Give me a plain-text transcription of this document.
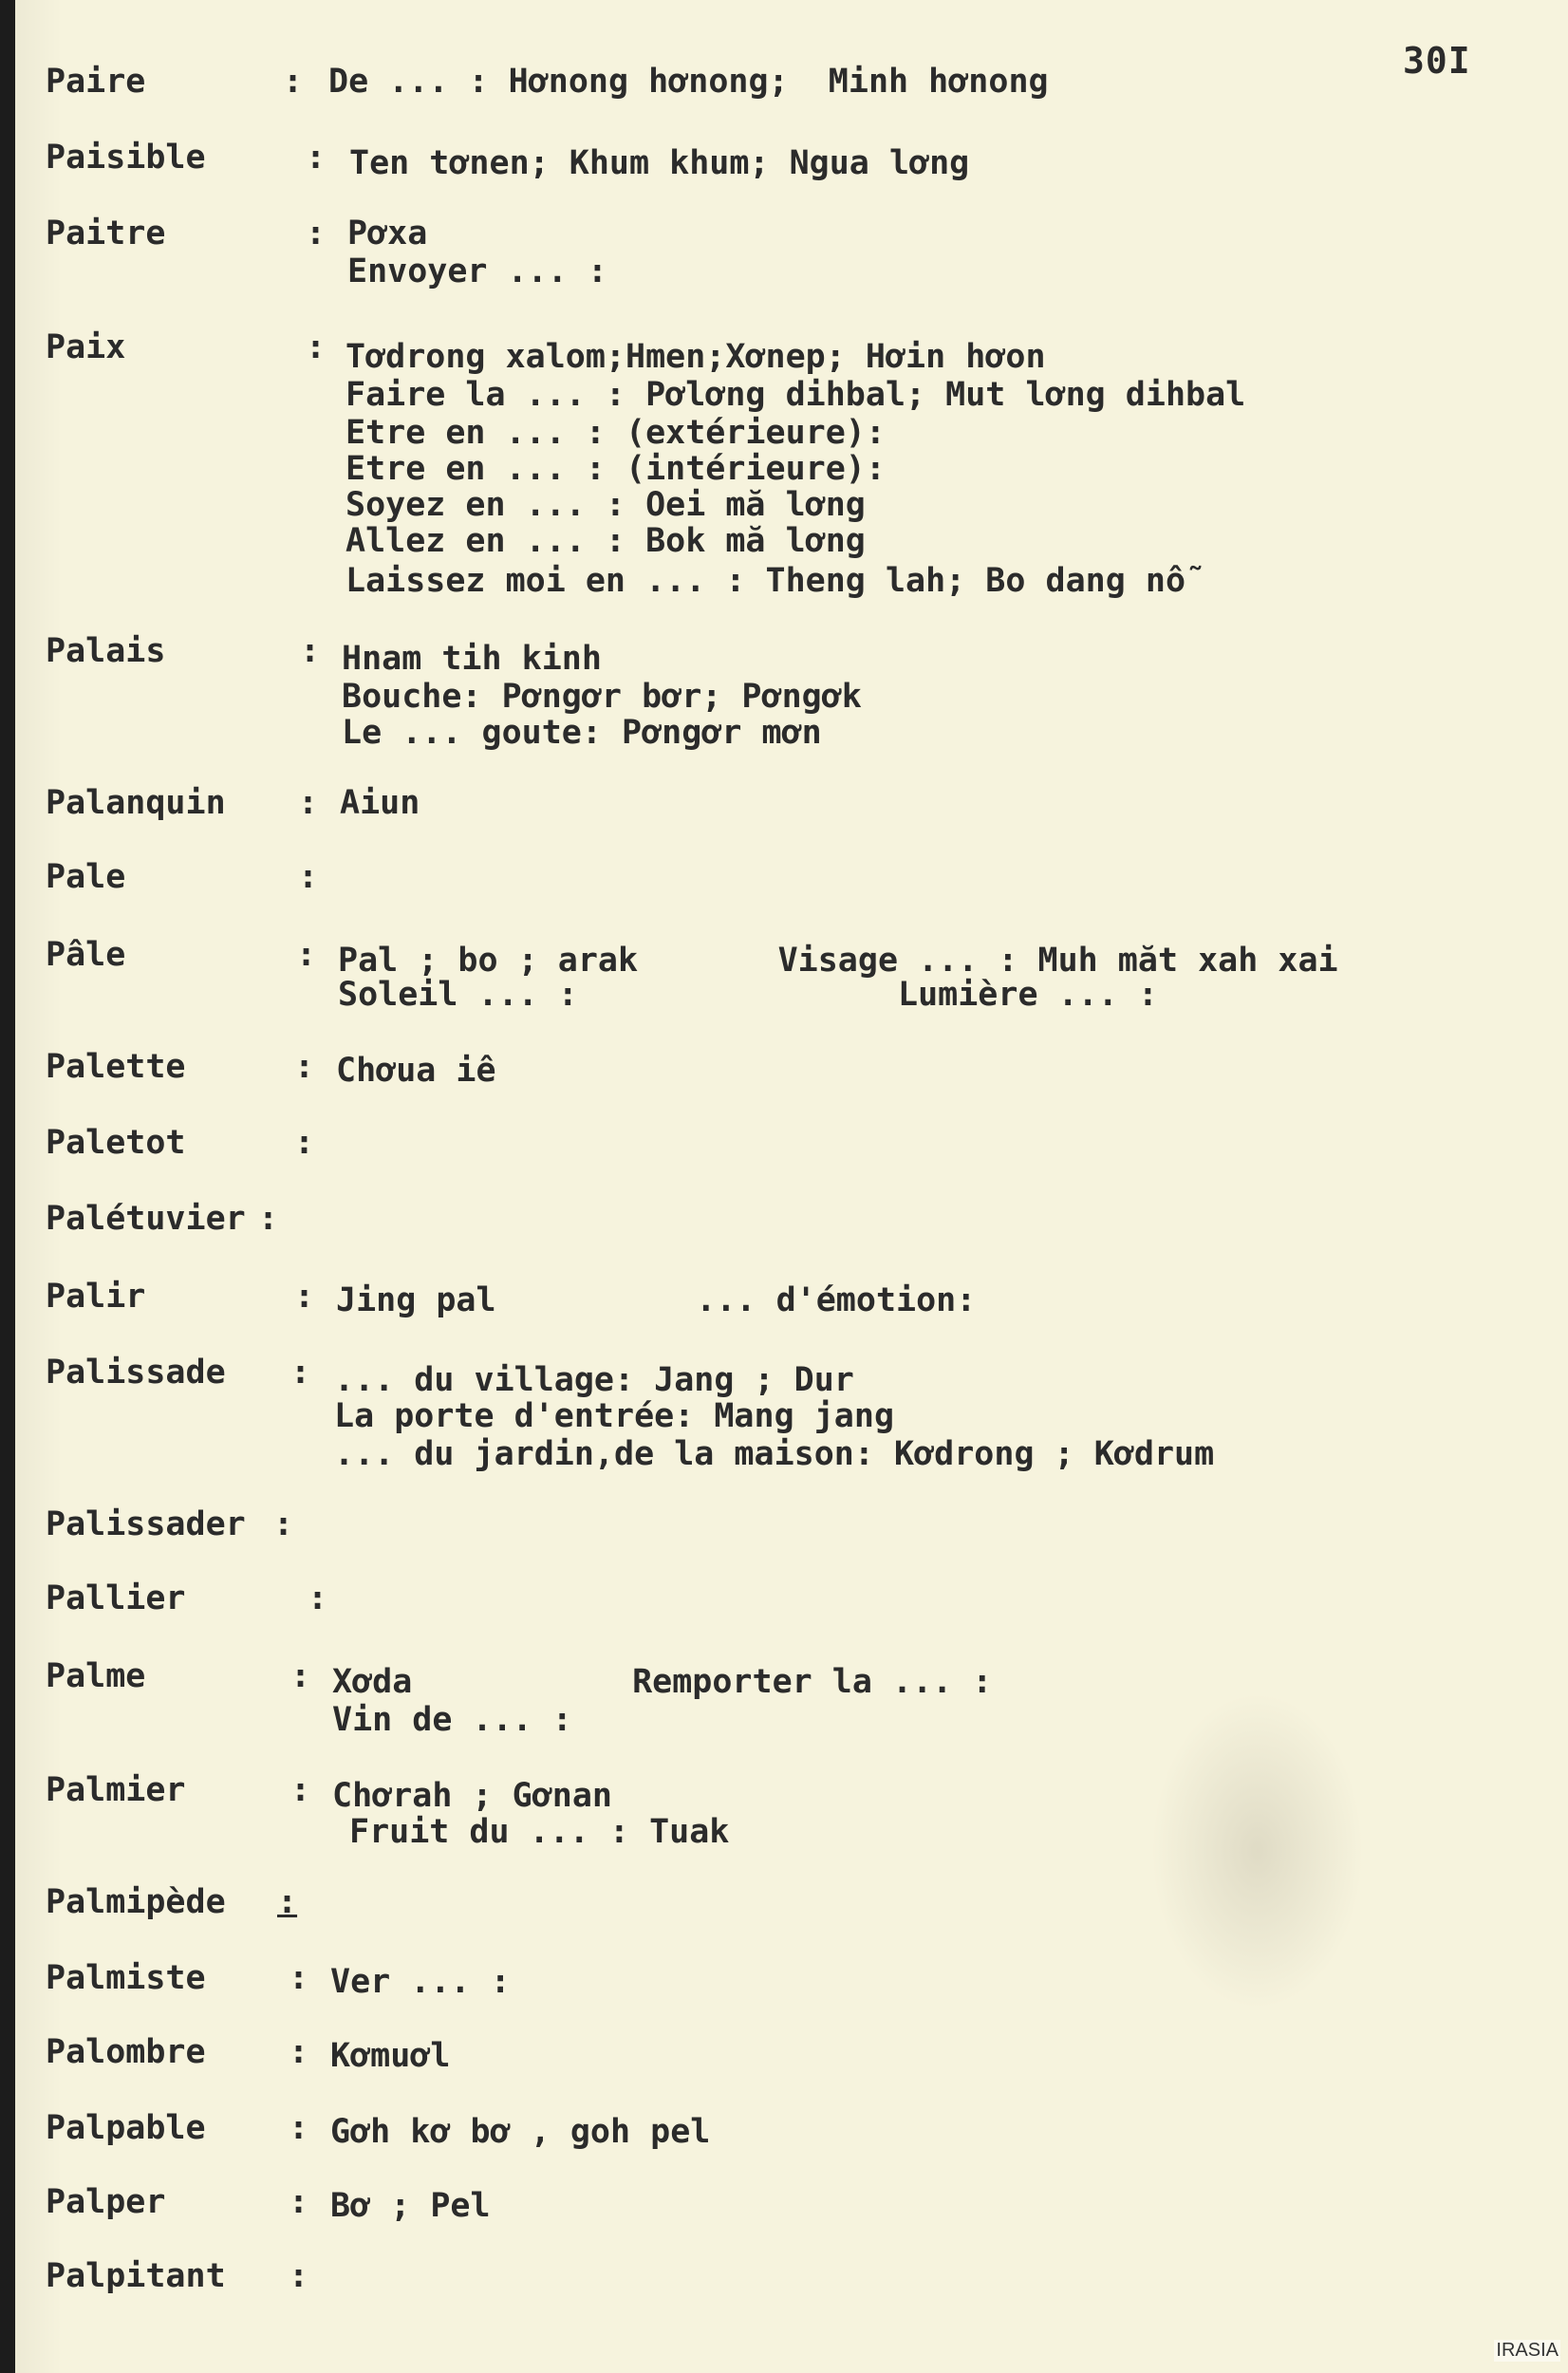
30I
Paire	: De ... : Hơnong hơnong;  Minh hơnong
Paisible	: Ten tơnen; Khum khum; Ngua lơng
Paitre	: Pơxa
Envoyer ... :
Paix	: Tơdrong xalom;Hmen;Xơnep; Hơin hơon
Faire la ... : Pơlơng dihbal; Mut lơng dihbal
Etre en ... : (extérieure):
Etre en ... : (intérieure):
Soyez en ... : Oei mă lơng
Allez en ... : Bok mă lơng
Laissez moi en ... : Theng lah; Bo dang nỗ
Palais	: Hnam tih kinh
Bouche: Pơngơr bơr; Pơngơk
Le ... goute: Pơngơr mơn
Palanquin : Aiun
Pale	:
Pâle	: Pal ; bo ; arak       Visage ... : Muh măt xah xai
Soleil ... :                Lumière ... :
Palette	: Chơua iê
Paletot	:
Palétuvier :
Palir	: Jing pal          ... d'émotion:
Palissade : ... du village: Jang ; Dur
La porte d'entrée: Mang jang
... du jardin,de la maison: Kơdrong ; Kơdrum
Palissader :
Pallier	:
Palme	: Xơda           Remporter la ... :
Vin de ... :
Palmier	: Chơrah ; Gơnan
Fruit du ... : Tuak
Palmipède :
Palmiste : Ver ... :
Palombre : Kơmuơl
Palpable : Gơh kơ bơ , goh pel
Palper	: Bơ ; Pel
Palpitant :
IRASIA
